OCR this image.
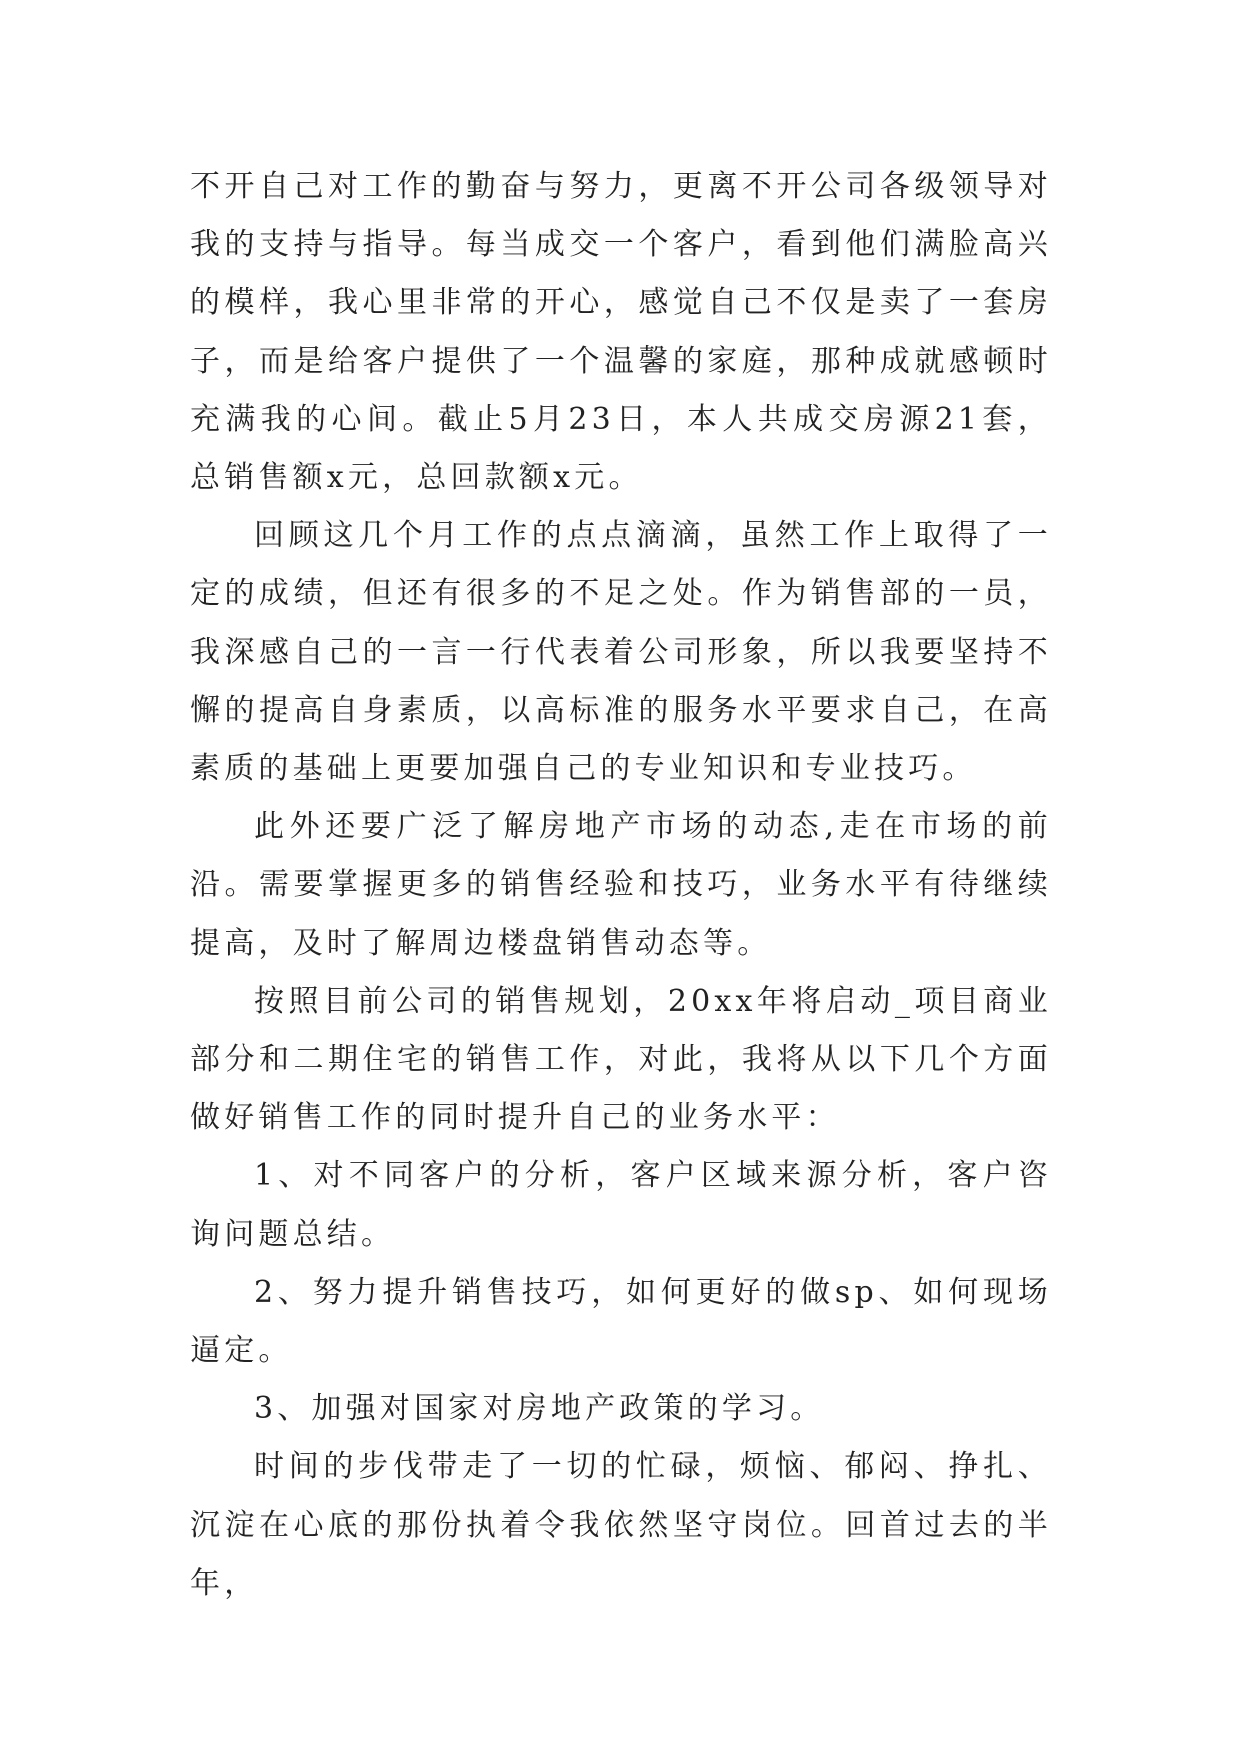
不开自己对工作的勤奋与努力，更离不开公司各级领导对我的支持与指导。每当成交一个客户，看到他们满脸高兴的模样，我心里非常的开心，感觉自己不仅是卖了一套房子，而是给客户提供了一个温馨的家庭，那种成就感顿时充满我的心间。截止5月23日，本人共成交房源21套，总销售额x元，总回款额x元。

回顾这几个月工作的点点滴滴，虽然工作上取得了一定的成绩，但还有很多的不足之处。作为销售部的一员，我深感自己的一言一行代表着公司形象，所以我要坚持不懈的提高自身素质，以高标准的服务水平要求自己，在高素质的基础上更要加强自己的专业知识和专业技巧。

此外还要广泛了解房地产市场的动态,走在市场的前沿。需要掌握更多的销售经验和技巧，业务水平有待继续提高，及时了解周边楼盘销售动态等。

按照目前公司的销售规划，20xx年将启动_项目商业部分和二期住宅的销售工作，对此，我将从以下几个方面做好销售工作的同时提升自己的业务水平：

1、对不同客户的分析，客户区域来源分析，客户咨询问题总结。

2、努力提升销售技巧，如何更好的做sp、如何现场逼定。

3、加强对国家对房地产政策的学习。

时间的步伐带走了一切的忙碌，烦恼、郁闷、挣扎、沉淀在心底的那份执着令我依然坚守岗位。回首过去的半年，
